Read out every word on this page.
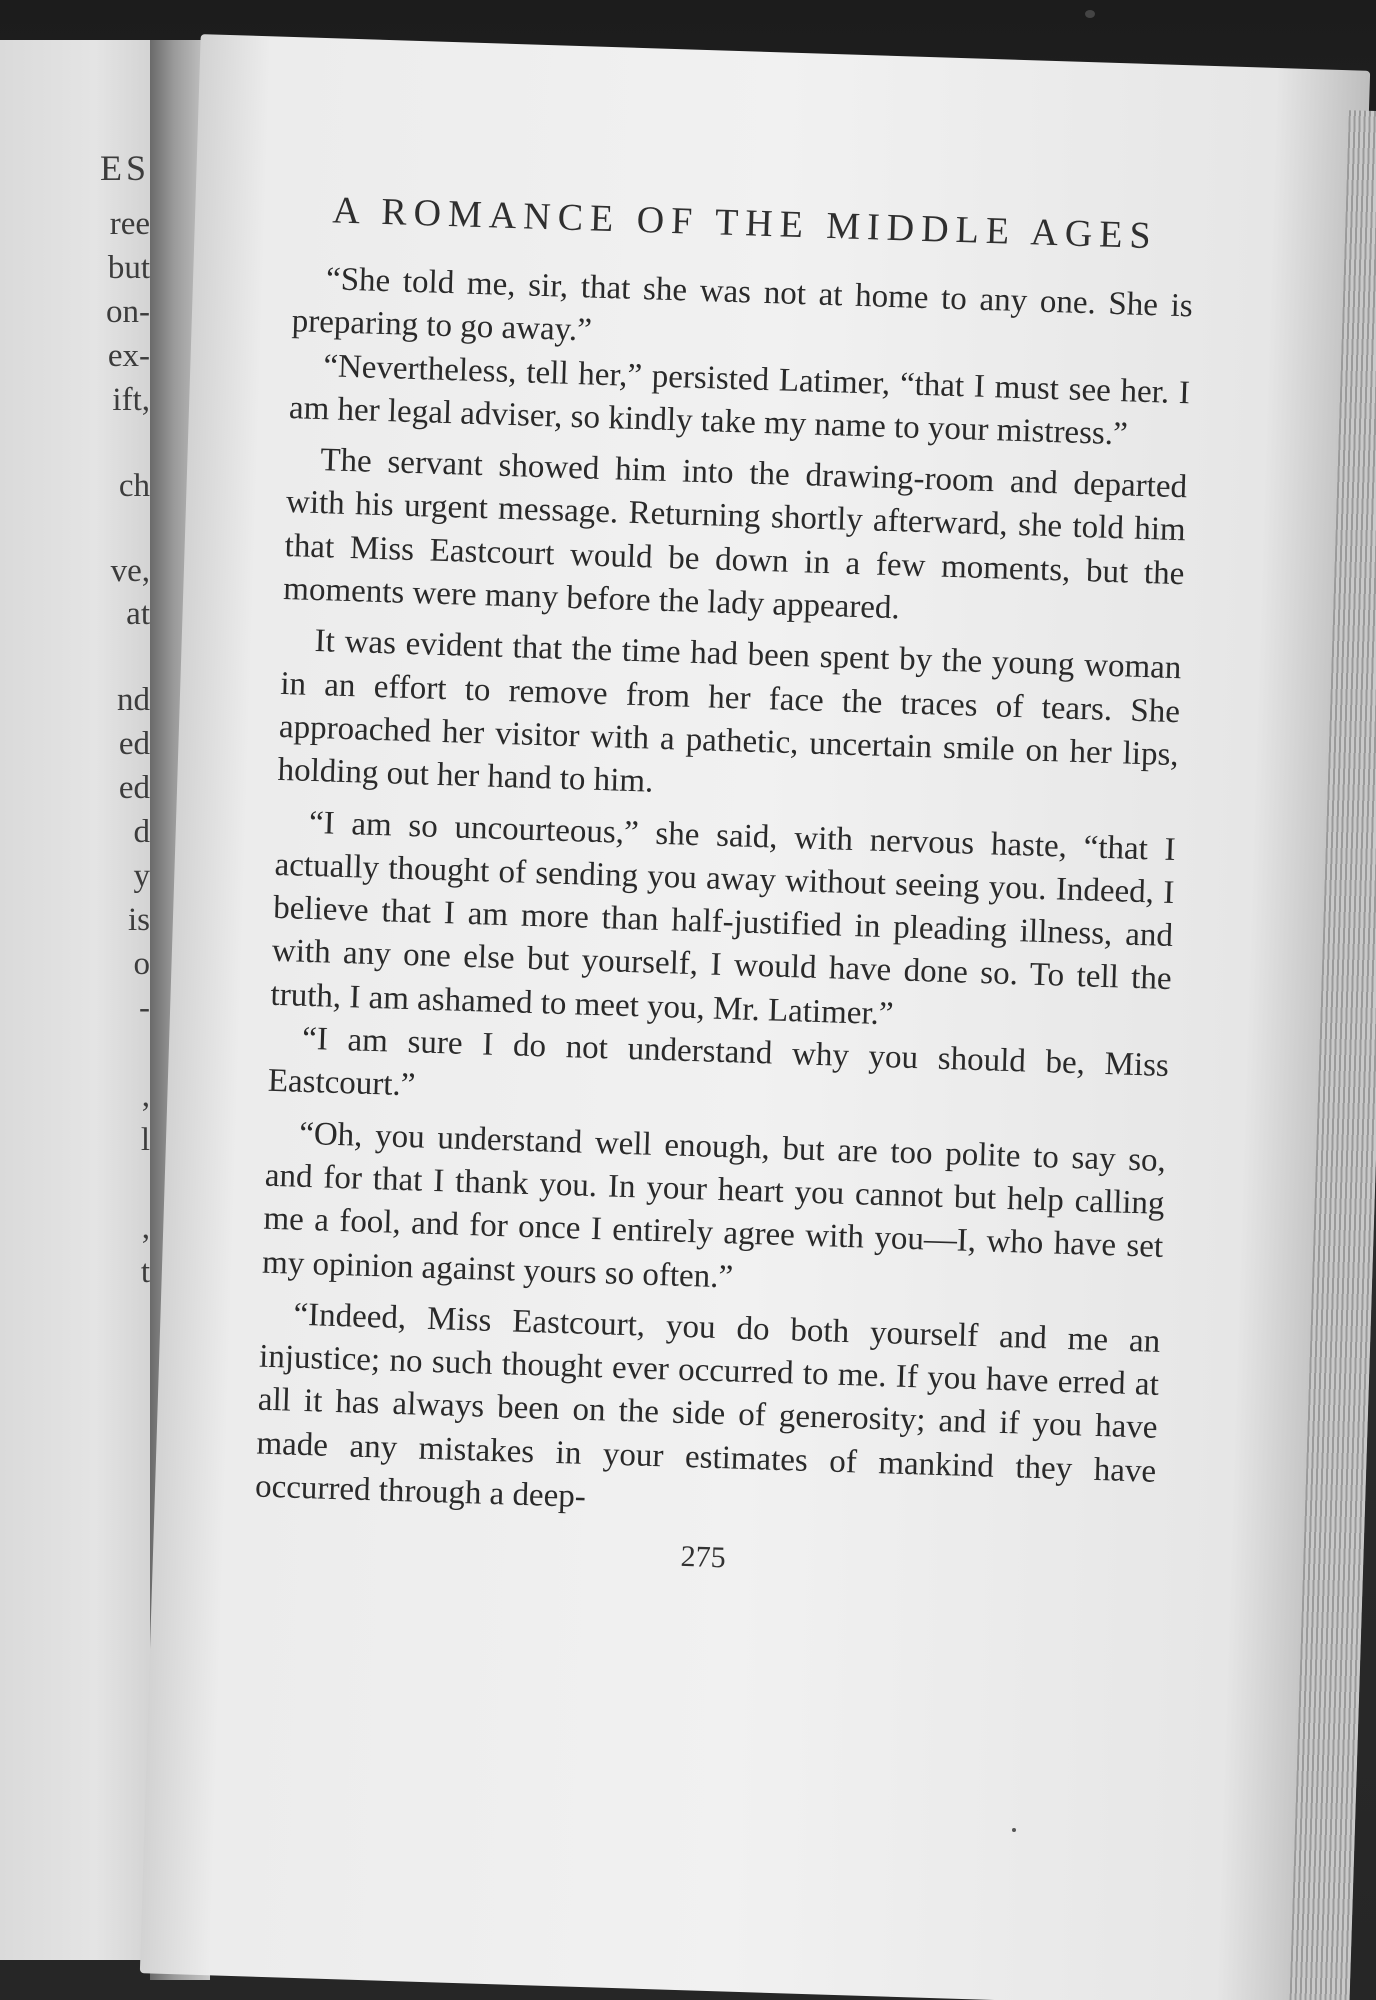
ES
ree
but
on-
ex-
ift,
ch
ve,
at
nd
ed
ed
d
y
is
o
-
,
l
,
t
A ROMANCE OF THE MIDDLE AGES

“She told me, sir, that she was not at home to any one. She is preparing to go away.”

“Nevertheless, tell her,” persisted Latimer, “that I must see her. I am her legal adviser, so kindly take my name to your mistress.”

The servant showed him into the drawing-room and departed with his urgent message. Returning shortly afterward, she told him that Miss Eastcourt would be down in a few moments, but the moments were many before the lady appeared.

It was evident that the time had been spent by the young woman in an effort to remove from her face the traces of tears. She approached her visitor with a pathetic, uncertain smile on her lips, holding out her hand to him.

“I am so uncourteous,” she said, with nervous haste, “that I actually thought of sending you away without seeing you. Indeed, I believe that I am more than half-justified in pleading illness, and with any one else but yourself, I would have done so. To tell the truth, I am ashamed to meet you, Mr. Latimer.”

“I am sure I do not understand why you should be, Miss Eastcourt.”

“Oh, you understand well enough, but are too polite to say so, and for that I thank you. In your heart you cannot but help calling me a fool, and for once I entirely agree with you—I, who have set my opinion against yours so often.”

“Indeed, Miss Eastcourt, you do both yourself and me an injustice; no such thought ever occurred to me. If you have erred at all it has always been on the side of generosity; and if you have made any mistakes in your estimates of mankind they have occurred through a deep-

275
